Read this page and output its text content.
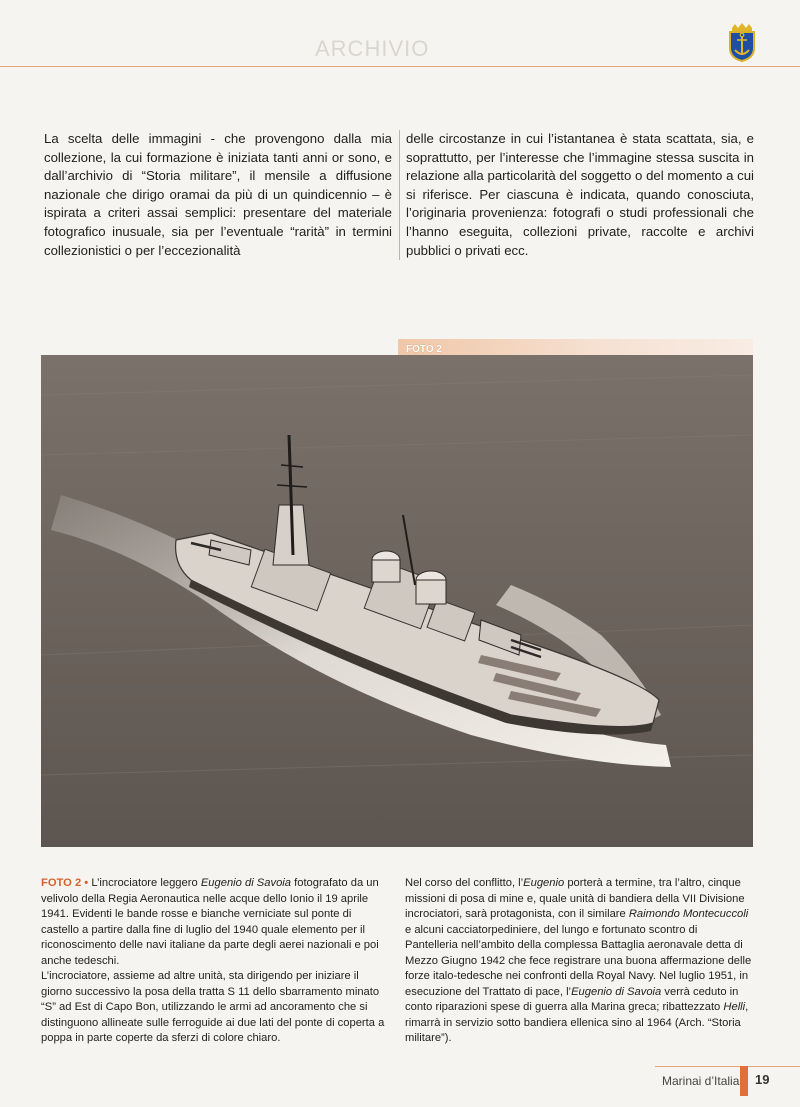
ARCHIVIO
La scelta delle immagini - che provengono dalla mia collezione, la cui formazione è iniziata tanti anni or sono, e dall’archivio di “Storia militare”, il mensile a diffusione nazionale che dirigo oramai da più di un quindicennio – è ispirata a criteri assai semplici: presentare del materiale fotografico inusuale, sia per l’eventuale “rarità” in termini collezionistici o per l’eccezionalità
delle circostanze in cui l’istantanea è stata scattata, sia, e soprattutto, per l’interesse che l’immagine stessa suscita in relazione alla particolarità del soggetto o del momento a cui si riferisce. Per ciascuna è indicata, quando conosciuta, l’originaria provenienza: fotografi o studi professionali che l’hanno eseguita, collezioni private, raccolte e archivi pubblici o privati ecc.
FOTO 2
FOTO 2 • L’incrociatore leggero Eugenio di Savoia fotografato da un velivolo della Regia Aeronautica nelle acque dello Ionio il 19 aprile 1941. Evidenti le bande rosse e bianche verniciate sul ponte di castello a partire dalla fine di luglio del 1940 quale elemento per il riconoscimento delle navi italiane da parte degli aerei nazionali e poi anche tedeschi.
L’incrociatore, assieme ad altre unità, sta dirigendo per iniziare il giorno successivo la posa della tratta S 11 dello sbarramento minato “S” ad Est di Capo Bon, utilizzando le armi ad ancoramento che si distinguono allineate sulle ferroguide ai due lati del ponte di coperta a poppa in parte coperte da sferzi di colore chiaro.
Nel corso del conflitto, l’Eugenio porterà a termine, tra l’altro, cinque missioni di posa di mine e, quale unità di bandiera della VII Divisione incrociatori, sarà protagonista, con il similare Raimondo Montecuccoli e alcuni cacciatorpediniere, del lungo e fortunato scontro di Pantelleria nell’ambito della complessa Battaglia aeronavale detta di Mezzo Giugno 1942 che fece registrare una buona affermazione delle forze italo-tedesche nei confronti della Royal Navy. Nel luglio 1951, in esecuzione del Trattato di pace, l’Eugenio di Savoia verrà ceduto in conto riparazioni spese di guerra alla Marina greca; ribattezzato Helli, rimarrà in servizio sotto bandiera ellenica sino al 1964 (Arch. “Storia militare”).
Marinai d’Italia 19
